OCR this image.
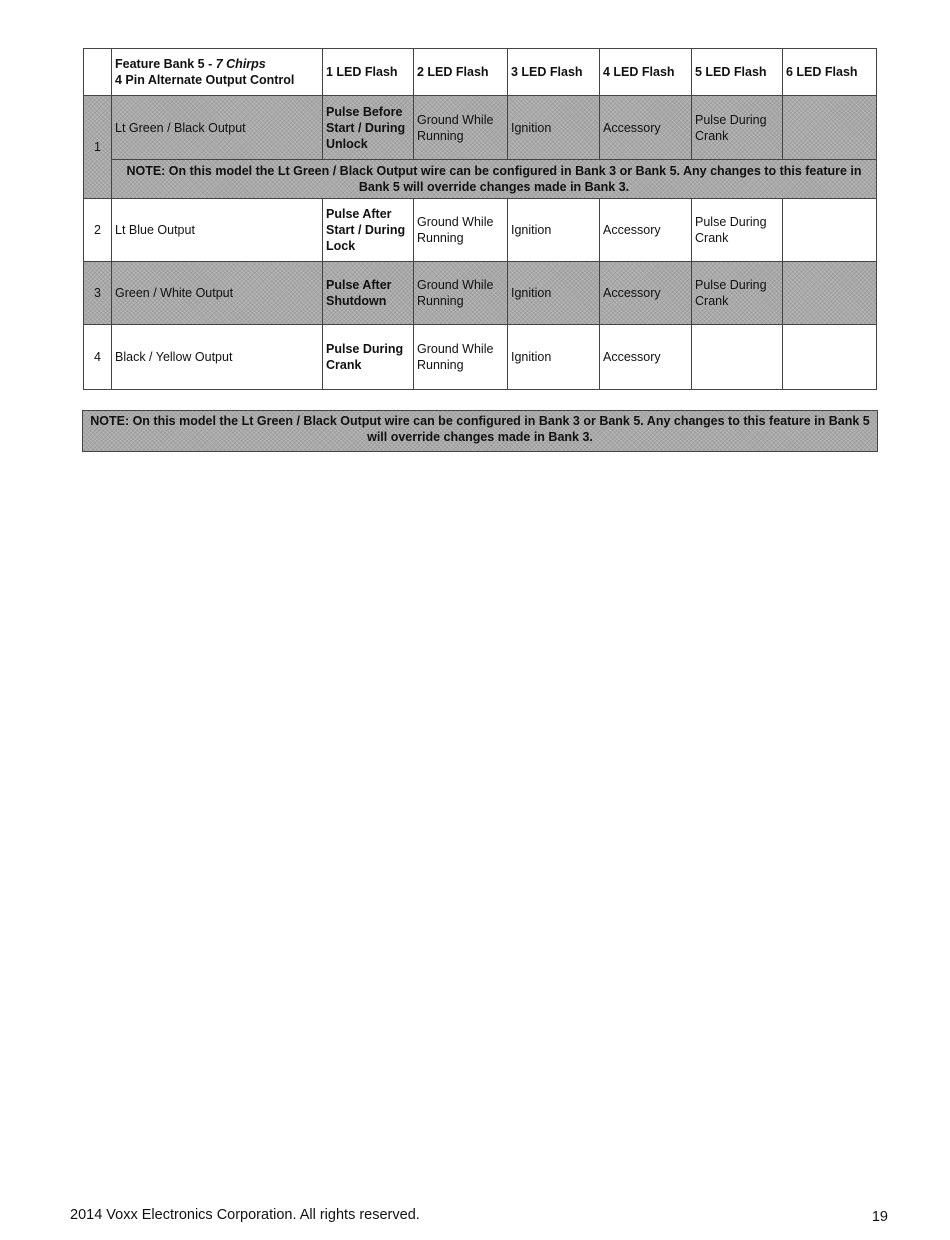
	Feature Bank 5 - 7 Chirps
4 Pin Alternate Output Control	1 LED Flash	2 LED Flash	3 LED Flash	4 LED Flash	5 LED Flash	6 LED Flash
1	Lt Green / Black Output	Pulse Before Start / During Unlock	Ground While Running	Ignition	Accessory	Pulse During Crank	
	NOTE: On this model the Lt Green / Black Output wire can be configured in Bank 3 or Bank 5. Any changes to this feature in Bank 5 will override changes made in Bank 3.						
2	Lt Blue Output	Pulse After Start / During Lock	Ground While Running	Ignition	Accessory	Pulse During Crank	
3	Green / White Output	Pulse After Shutdown	Ground While Running	Ignition	Accessory	Pulse During Crank	
4	Black / Yellow Output	Pulse During Crank	Ground While Running	Ignition	Accessory		
NOTE: On this model the Lt Green / Black Output wire can be configured in Bank 3 or Bank 5. Any changes to this feature in Bank 5 will override changes made in Bank 3.
2014 Voxx Electronics Corporation. All rights reserved.	19
